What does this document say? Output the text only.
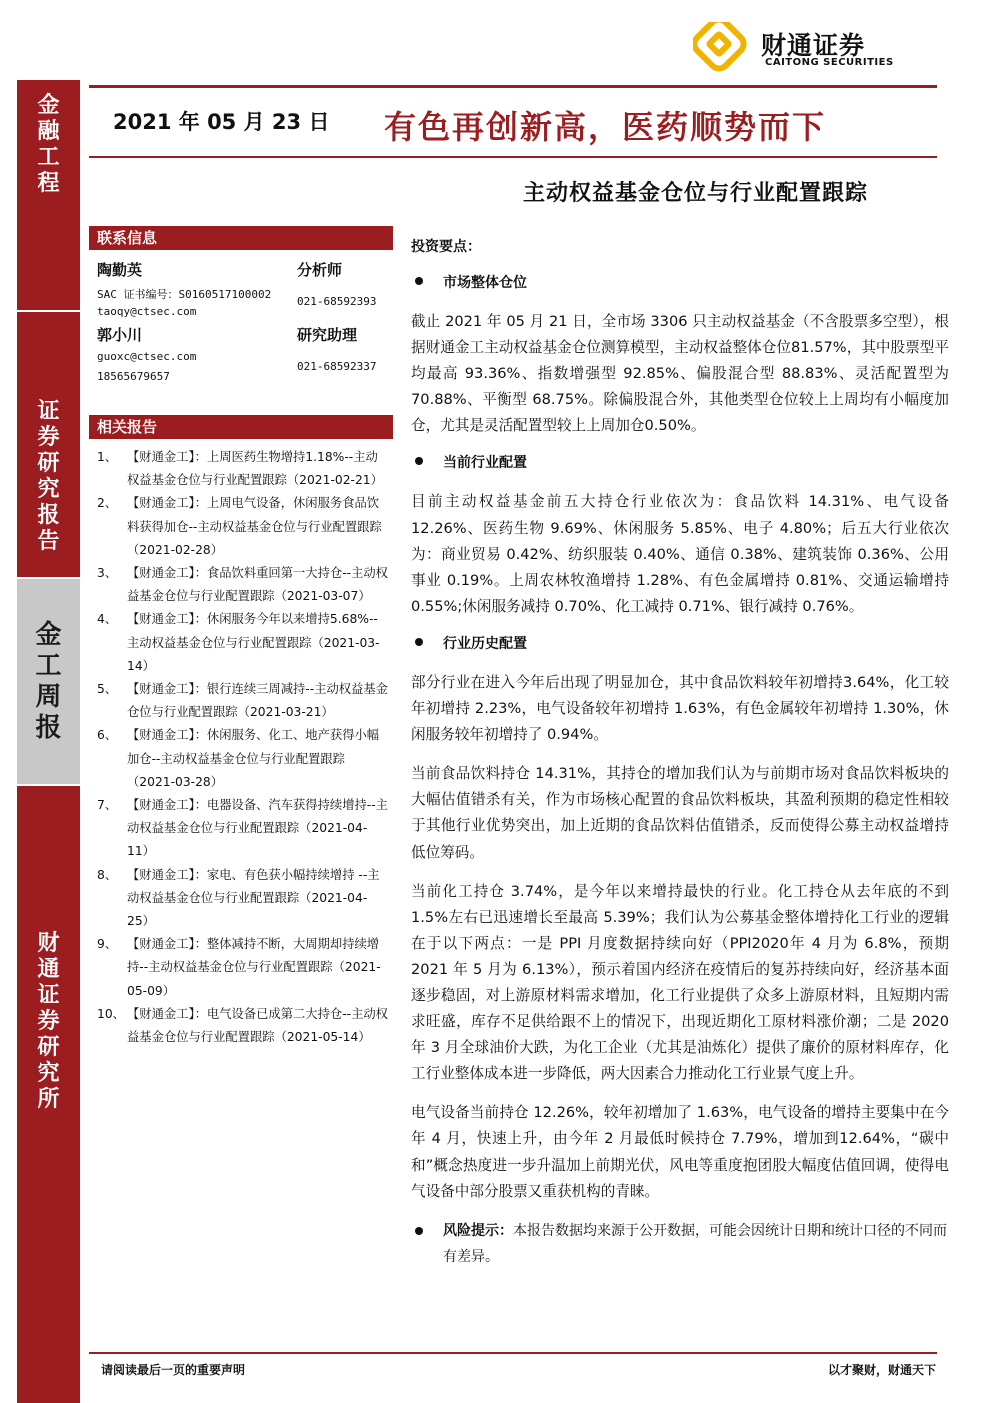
金融工程
证券研究报告
金工周报
财通证券研究所
财通证券
CAITONG SECURITIES
2021 年 05 月 23 日 有色再创新高，医药顺势而下
主动权益基金仓位与行业配置跟踪
联系信息
陶勤英	分析师
SAC 证书编号：S0160517100002
021-68592393
taoqy@ctsec.com
郭小川	研究助理
guoxc@ctsec.com
021-68592337
18565679657
相关报告
1、 【财通金工】：上周医药生物增持1.18%--主动权益基金仓位与行业配置跟踪（2021-02-21）
2、 【财通金工】：上周电气设备，休闲服务食品饮料获得加仓--主动权益基金仓位与行业配置跟踪（2021-02-28）
3、 【财通金工】：食品饮料重回第一大持仓--主动权益基金仓位与行业配置跟踪（2021-03-07）
4、 【财通金工】：休闲服务今年以来增持5.68%--主动权益基金仓位与行业配置跟踪（2021-03-14）
5、 【财通金工】：银行连续三周减持--主动权益基金仓位与行业配置跟踪（2021-03-21）
6、 【财通金工】：休闲服务、化工、地产获得小幅加仓--主动权益基金仓位与行业配置跟踪（2021-03-28）
7、 【财通金工】：电器设备、汽车获得持续增持--主动权益基金仓位与行业配置跟踪（2021-04-11）
8、 【财通金工】：家电、有色获小幅持续增持 --主动权益基金仓位与行业配置跟踪（2021-04-25）
9、 【财通金工】：整体减持不断，大周期却持续增持--主动权益基金仓位与行业配置跟踪（2021-05-09）
10、 【财通金工】：电气设备已成第二大持仓--主动权益基金仓位与行业配置跟踪（2021-05-14）
投资要点：
市场整体仓位

截止 2021 年 05 月 21 日，全市场 3306 只主动权益基金（不含股票多空型），根据财通金工主动权益基金仓位测算模型，主动权益整体仓位81.57%，其中股票型平均最高 93.36%、指数增强型 92.85%、偏股混合型 88.83%、灵活配置型为 70.88%、平衡型 68.75%。除偏股混合外，其他类型仓位较上上周均有小幅度加仓，尤其是灵活配置型较上上周加仓0.50%。

当前行业配置

目前主动权益基金前五大持仓行业依次为：食品饮料 14.31%、电气设备12.26%、医药生物 9.69%、休闲服务 5.85%、电子 4.80%；后五大行业依次为：商业贸易 0.42%、纺织服装 0.40%、通信 0.38%、建筑装饰 0.36%、公用事业 0.19%。上周农林牧渔增持 1.28%、有色金属增持 0.81%、交通运输增持 0.55%;休闲服务减持 0.70%、化工减持 0.71%、银行减持 0.76%。

行业历史配置

部分行业在进入今年后出现了明显加仓，其中食品饮料较年初增持3.64%，化工较年初增持 2.23%，电气设备较年初增持 1.63%，有色金属较年初增持 1.30%，休闲服务较年初增持了 0.94%。

当前食品饮料持仓 14.31%，其持仓的增加我们认为与前期市场对食品饮料板块的大幅估值错杀有关，作为市场核心配置的食品饮料板块，其盈利预期的稳定性相较于其他行业优势突出，加上近期的食品饮料估值错杀，反而使得公募主动权益增持低位筹码。

当前化工持仓 3.74%，是今年以来增持最快的行业。化工持仓从去年底的不到 1.5%左右已迅速增长至最高 5.39%；我们认为公募基金整体增持化工行业的逻辑在于以下两点：一是 PPI 月度数据持续向好（PPI2020年 4 月为 6.8%，预期 2021 年 5 月为 6.13%），预示着国内经济在疫情后的复苏持续向好，经济基本面逐步稳固，对上游原材料需求增加，化工行业提供了众多上游原材料，且短期内需求旺盛，库存不足供给跟不上的情况下，出现近期化工原材料涨价潮；二是 2020 年 3 月全球油价大跌，为化工企业（尤其是油炼化）提供了廉价的原材料库存，化工行业整体成本进一步降低，两大因素合力推动化工行业景气度上升。

电气设备当前持仓 12.26%，较年初增加了 1.63%，电气设备的增持主要集中在今年 4 月，快速上升，由今年 2 月最低时候持仓 7.79%，增加到12.64%，“碳中和”概念热度进一步升温加上前期光伏，风电等重度抱团股大幅度估值回调，使得电气设备中部分股票又重获机构的青睐。

风险提示：本报告数据均来源于公开数据，可能会因统计日期和统计口径的不同而有差异。
请阅读最后一页的重要声明	以才聚财，财通天下
